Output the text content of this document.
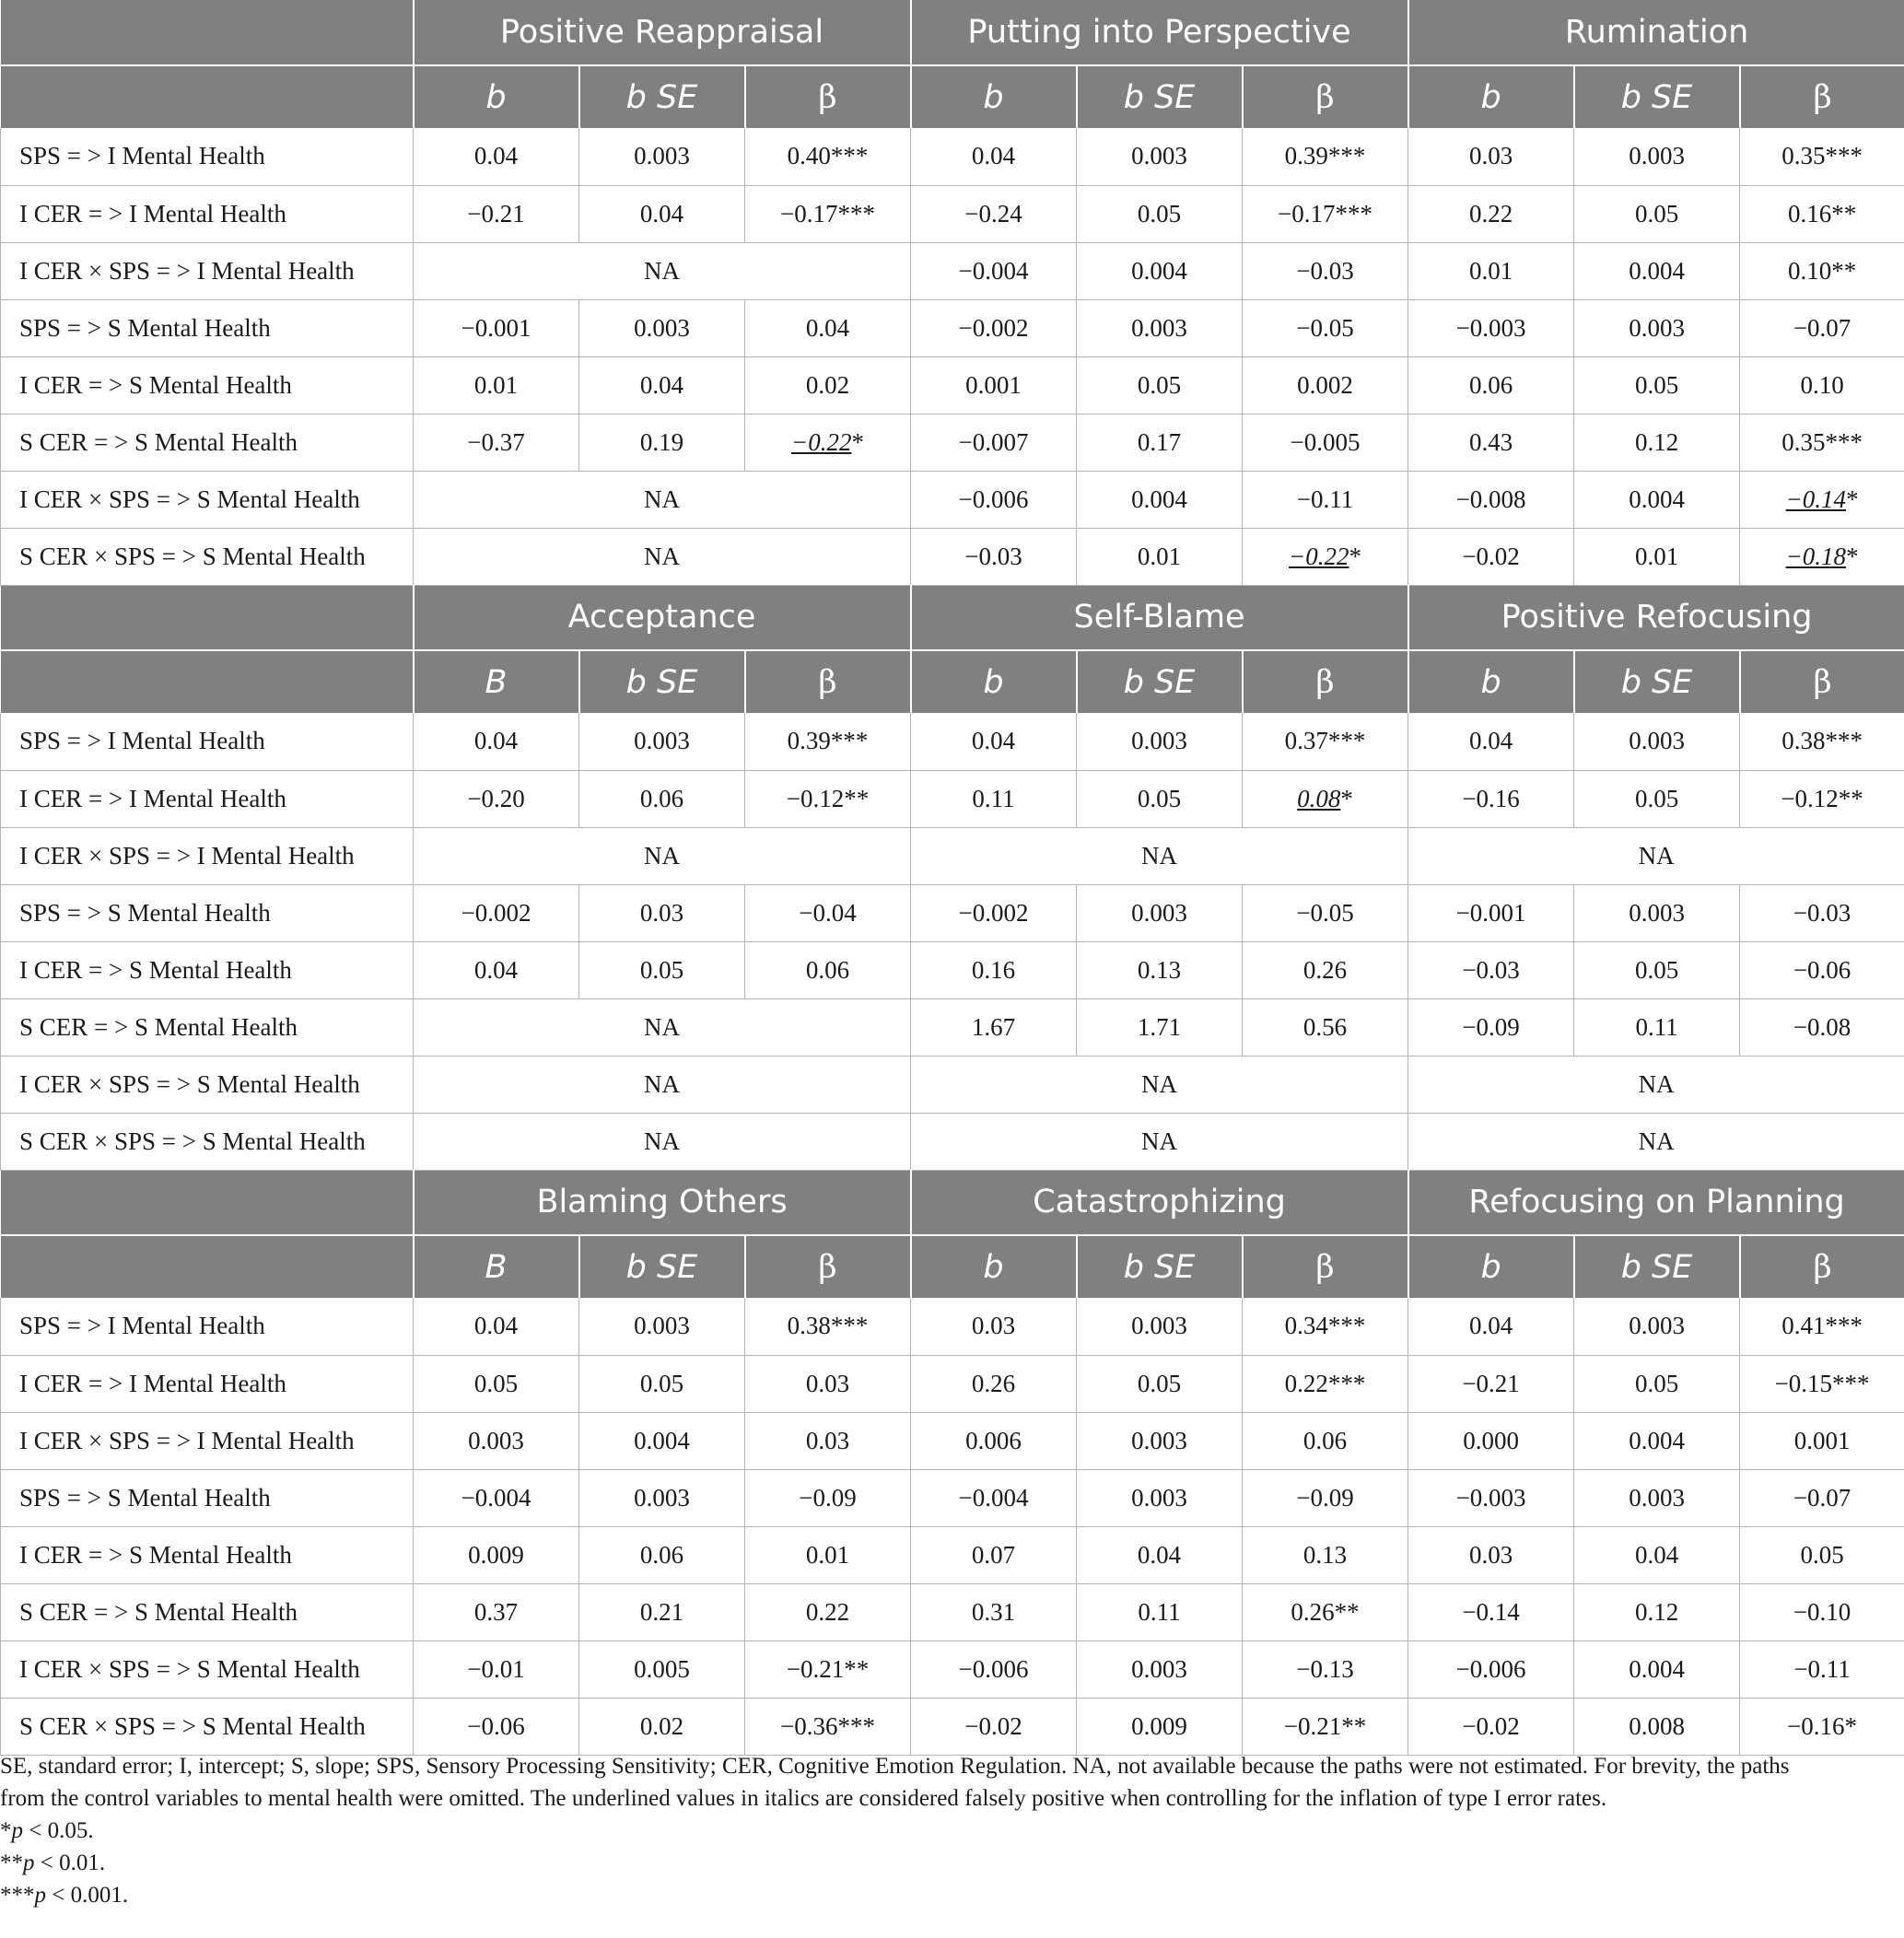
	Positive Reappraisal			Putting into Perspective			Rumination		
	b	b SE	β	b	b SE	β	b	b SE	β
SPS = > I Mental Health	0.04	0.003	0.40***	0.04	0.003	0.39***	0.03	0.003	0.35***
I CER = > I Mental Health	−0.21	0.04	−0.17***	−0.24	0.05	−0.17***	0.22	0.05	0.16**
I CER × SPS = > I Mental Health	NA			−0.004	0.004	−0.03	0.01	0.004	0.10**
SPS = > S Mental Health	−0.001	0.003	0.04	−0.002	0.003	−0.05	−0.003	0.003	−0.07
I CER = > S Mental Health	0.01	0.04	0.02	0.001	0.05	0.002	0.06	0.05	0.10
S CER = > S Mental Health	−0.37	0.19	−0.22*	−0.007	0.17	−0.005	0.43	0.12	0.35***
I CER × SPS = > S Mental Health	NA			−0.006	0.004	−0.11	−0.008	0.004	−0.14*
S CER × SPS = > S Mental Health	NA			−0.03	0.01	−0.22*	−0.02	0.01	−0.18*
	Acceptance			Self-Blame			Positive Refocusing		
	B	b SE	β	b	b SE	β	b	b SE	β
SPS = > I Mental Health	0.04	0.003	0.39***	0.04	0.003	0.37***	0.04	0.003	0.38***
I CER = > I Mental Health	−0.20	0.06	−0.12**	0.11	0.05	0.08*	−0.16	0.05	−0.12**
I CER × SPS = > I Mental Health	NA			NA			NA		
SPS = > S Mental Health	−0.002	0.03	−0.04	−0.002	0.003	−0.05	−0.001	0.003	−0.03
I CER = > S Mental Health	0.04	0.05	0.06	0.16	0.13	0.26	−0.03	0.05	−0.06
S CER = > S Mental Health	NA			1.67	1.71	0.56	−0.09	0.11	−0.08
I CER × SPS = > S Mental Health	NA			NA			NA		
S CER × SPS = > S Mental Health	NA			NA			NA		
	Blaming Others			Catastrophizing			Refocusing on Planning		
	B	b SE	β	b	b SE	β	b	b SE	β
SPS = > I Mental Health	0.04	0.003	0.38***	0.03	0.003	0.34***	0.04	0.003	0.41***
I CER = > I Mental Health	0.05	0.05	0.03	0.26	0.05	0.22***	−0.21	0.05	−0.15***
I CER × SPS = > I Mental Health	0.003	0.004	0.03	0.006	0.003	0.06	0.000	0.004	0.001
SPS = > S Mental Health	−0.004	0.003	−0.09	−0.004	0.003	−0.09	−0.003	0.003	−0.07
I CER = > S Mental Health	0.009	0.06	0.01	0.07	0.04	0.13	0.03	0.04	0.05
S CER = > S Mental Health	0.37	0.21	0.22	0.31	0.11	0.26**	−0.14	0.12	−0.10
I CER × SPS = > S Mental Health	−0.01	0.005	−0.21**	−0.006	0.003	−0.13	−0.006	0.004	−0.11
S CER × SPS = > S Mental Health	−0.06	0.02	−0.36***	−0.02	0.009	−0.21**	−0.02	0.008	−0.16*

SE, standard error; I, intercept; S, slope; SPS, Sensory Processing Sensitivity; CER, Cognitive Emotion Regulation. NA, not available because the paths were not estimated. For brevity, the paths

from the control variables to mental health were omitted. The underlined values in italics are considered falsely positive when controlling for the inflation of type I error rates.

*p < 0.05.

**p < 0.01.

***p < 0.001.
